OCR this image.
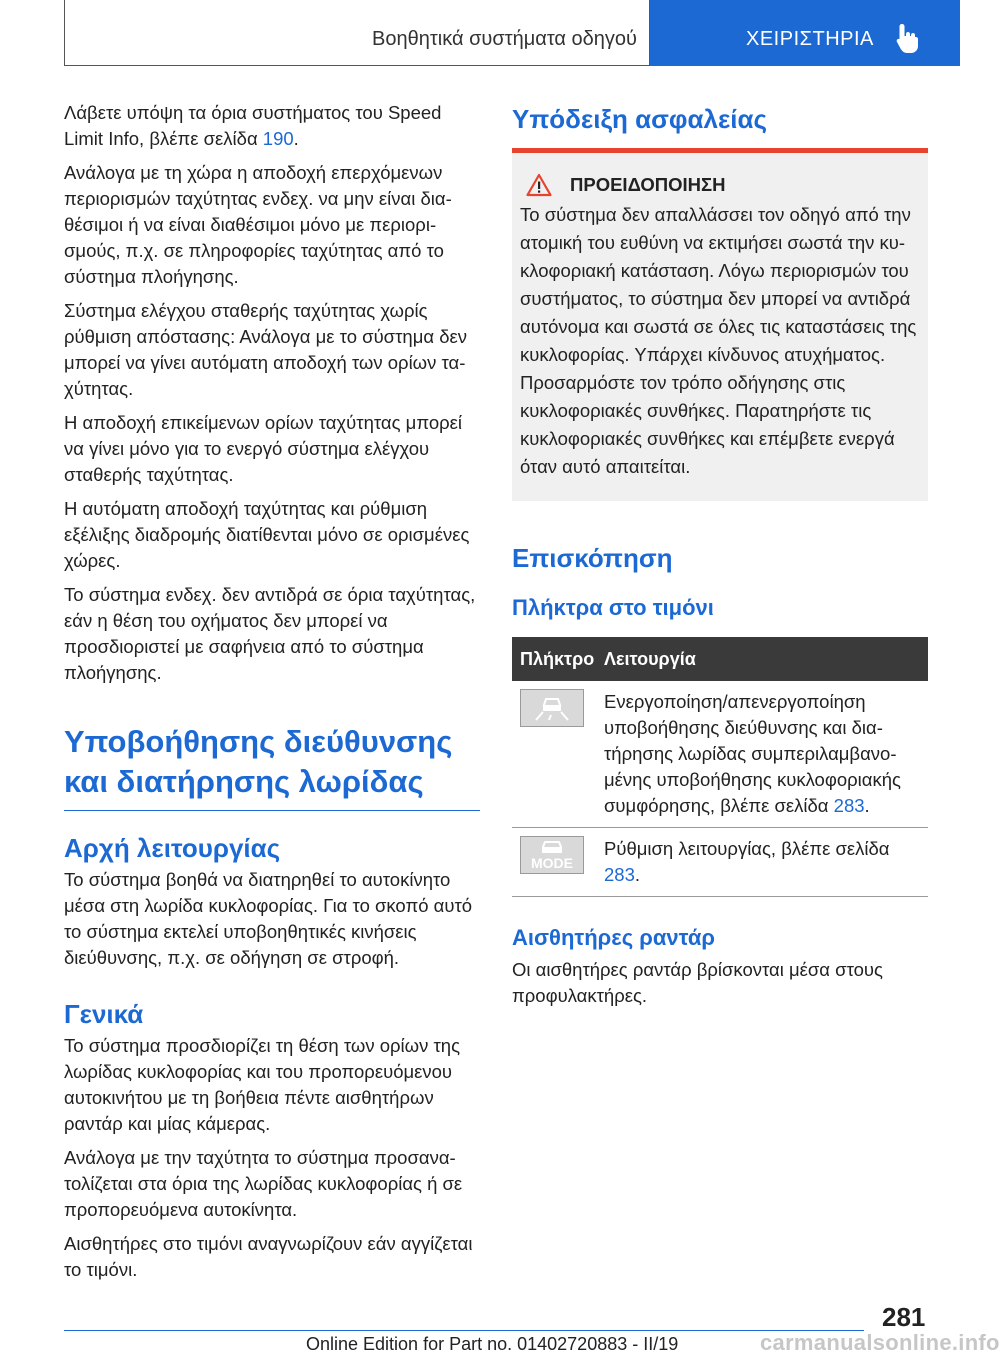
Βοηθητικά συστήματα οδηγού	ΧΕΙΡΙΣΤΗΡΙΑ

Λάβετε υπόψη τα όρια συστήματος του Speed Limit Info, βλέπε σελίδα 190.

Ανάλογα με τη χώρα η αποδοχή επερχόμενων περιορισμών ταχύτητας ενδεχ. να μην είναι διαθέσιμοι ή να είναι διαθέσιμοι μόνο με περιορισμούς, π.χ. σε πληροφορίες ταχύτητας από το σύστημα πλοήγησης.

Σύστημα ελέγχου σταθερής ταχύτητας χωρίς ρύθμιση απόστασης: Ανάλογα με το σύστημα δεν μπορεί να γίνει αυτόματη αποδοχή των ορίων ταχύτητας.

Η αποδοχή επικείμενων ορίων ταχύτητας μπορεί να γίνει μόνο για το ενεργό σύστημα ελέγχου σταθερής ταχύτητας.

Η αυτόματη αποδοχή ταχύτητας και ρύθμιση εξέλιξης διαδρομής διατίθενται μόνο σε ορισμένες χώρες.

Το σύστημα ενδεχ. δεν αντιδρά σε όρια ταχύτητας, εάν η θέση του οχήματος δεν μπορεί να προσδιοριστεί με σαφήνεια από το σύστημα πλοήγησης.

Υποβοήθησης διεύθυνσης και διατήρησης λωρίδας
Αρχή λειτουργίας

Το σύστημα βοηθά να διατηρηθεί το αυτοκίνητο μέσα στη λωρίδα κυκλοφορίας. Για το σκοπό αυτό το σύστημα εκτελεί υποβοηθητικές κινήσεις διεύθυνσης, π.χ. σε οδήγηση σε στροφή.

Γενικά

Το σύστημα προσδιορίζει τη θέση των ορίων της λωρίδας κυκλοφορίας και του προπορευόμενου αυτοκινήτου με τη βοήθεια πέντε αισθητήρων ραντάρ και μίας κάμερας.

Ανάλογα με την ταχύτητα το σύστημα προσανατολίζεται στα όρια της λωρίδας κυκλοφορίας ή σε προπορευόμενα αυτοκίνητα.

Αισθητήρες στο τιμόνι αναγνωρίζουν εάν αγγίζεται το τιμόνι.

Υπόδειξη ασφαλείας
ΠΡΟΕΙΔΟΠΟΙΗΣΗ

Το σύστημα δεν απαλλάσσει τον οδηγό από την ατομική του ευθύνη να εκτιμήσει σωστά την κυκλοφοριακή κατάσταση. Λόγω περιορισμών του συστήματος, το σύστημα δεν μπορεί να αντιδρά αυτόνομα και σωστά σε όλες τις καταστάσεις της κυκλοφορίας. Υπάρχει κίνδυνος ατυχήματος. Προσαρμόστε τον τρόπο οδήγησης στις κυκλοφοριακές συνθήκες. Παρατηρήστε τις κυκλοφοριακές συνθήκες και επέμβετε ενεργά όταν αυτό απαιτείται.

Επισκόπηση
Πλήκτρα στο τιμόνι
Πλήκτρο	Λειτουργία

	Ενεργοποίηση/απενεργοποίηση υποβοήθησης διεύθυνσης και διατήρησης λωρίδας συμπεριλαμβανομένης υποβοήθησης κυκλοφοριακής συμφόρησης, βλέπε σελίδα 283.

MODE	Ρύθμιση λειτουργίας, βλέπε σελίδα 283.
Αισθητήρες ραντάρ

Οι αισθητήρες ραντάρ βρίσκονται μέσα στους προφυλακτήρες.

281
Online Edition for Part no. 01402720883 - II/19	carmanualsonline.info
